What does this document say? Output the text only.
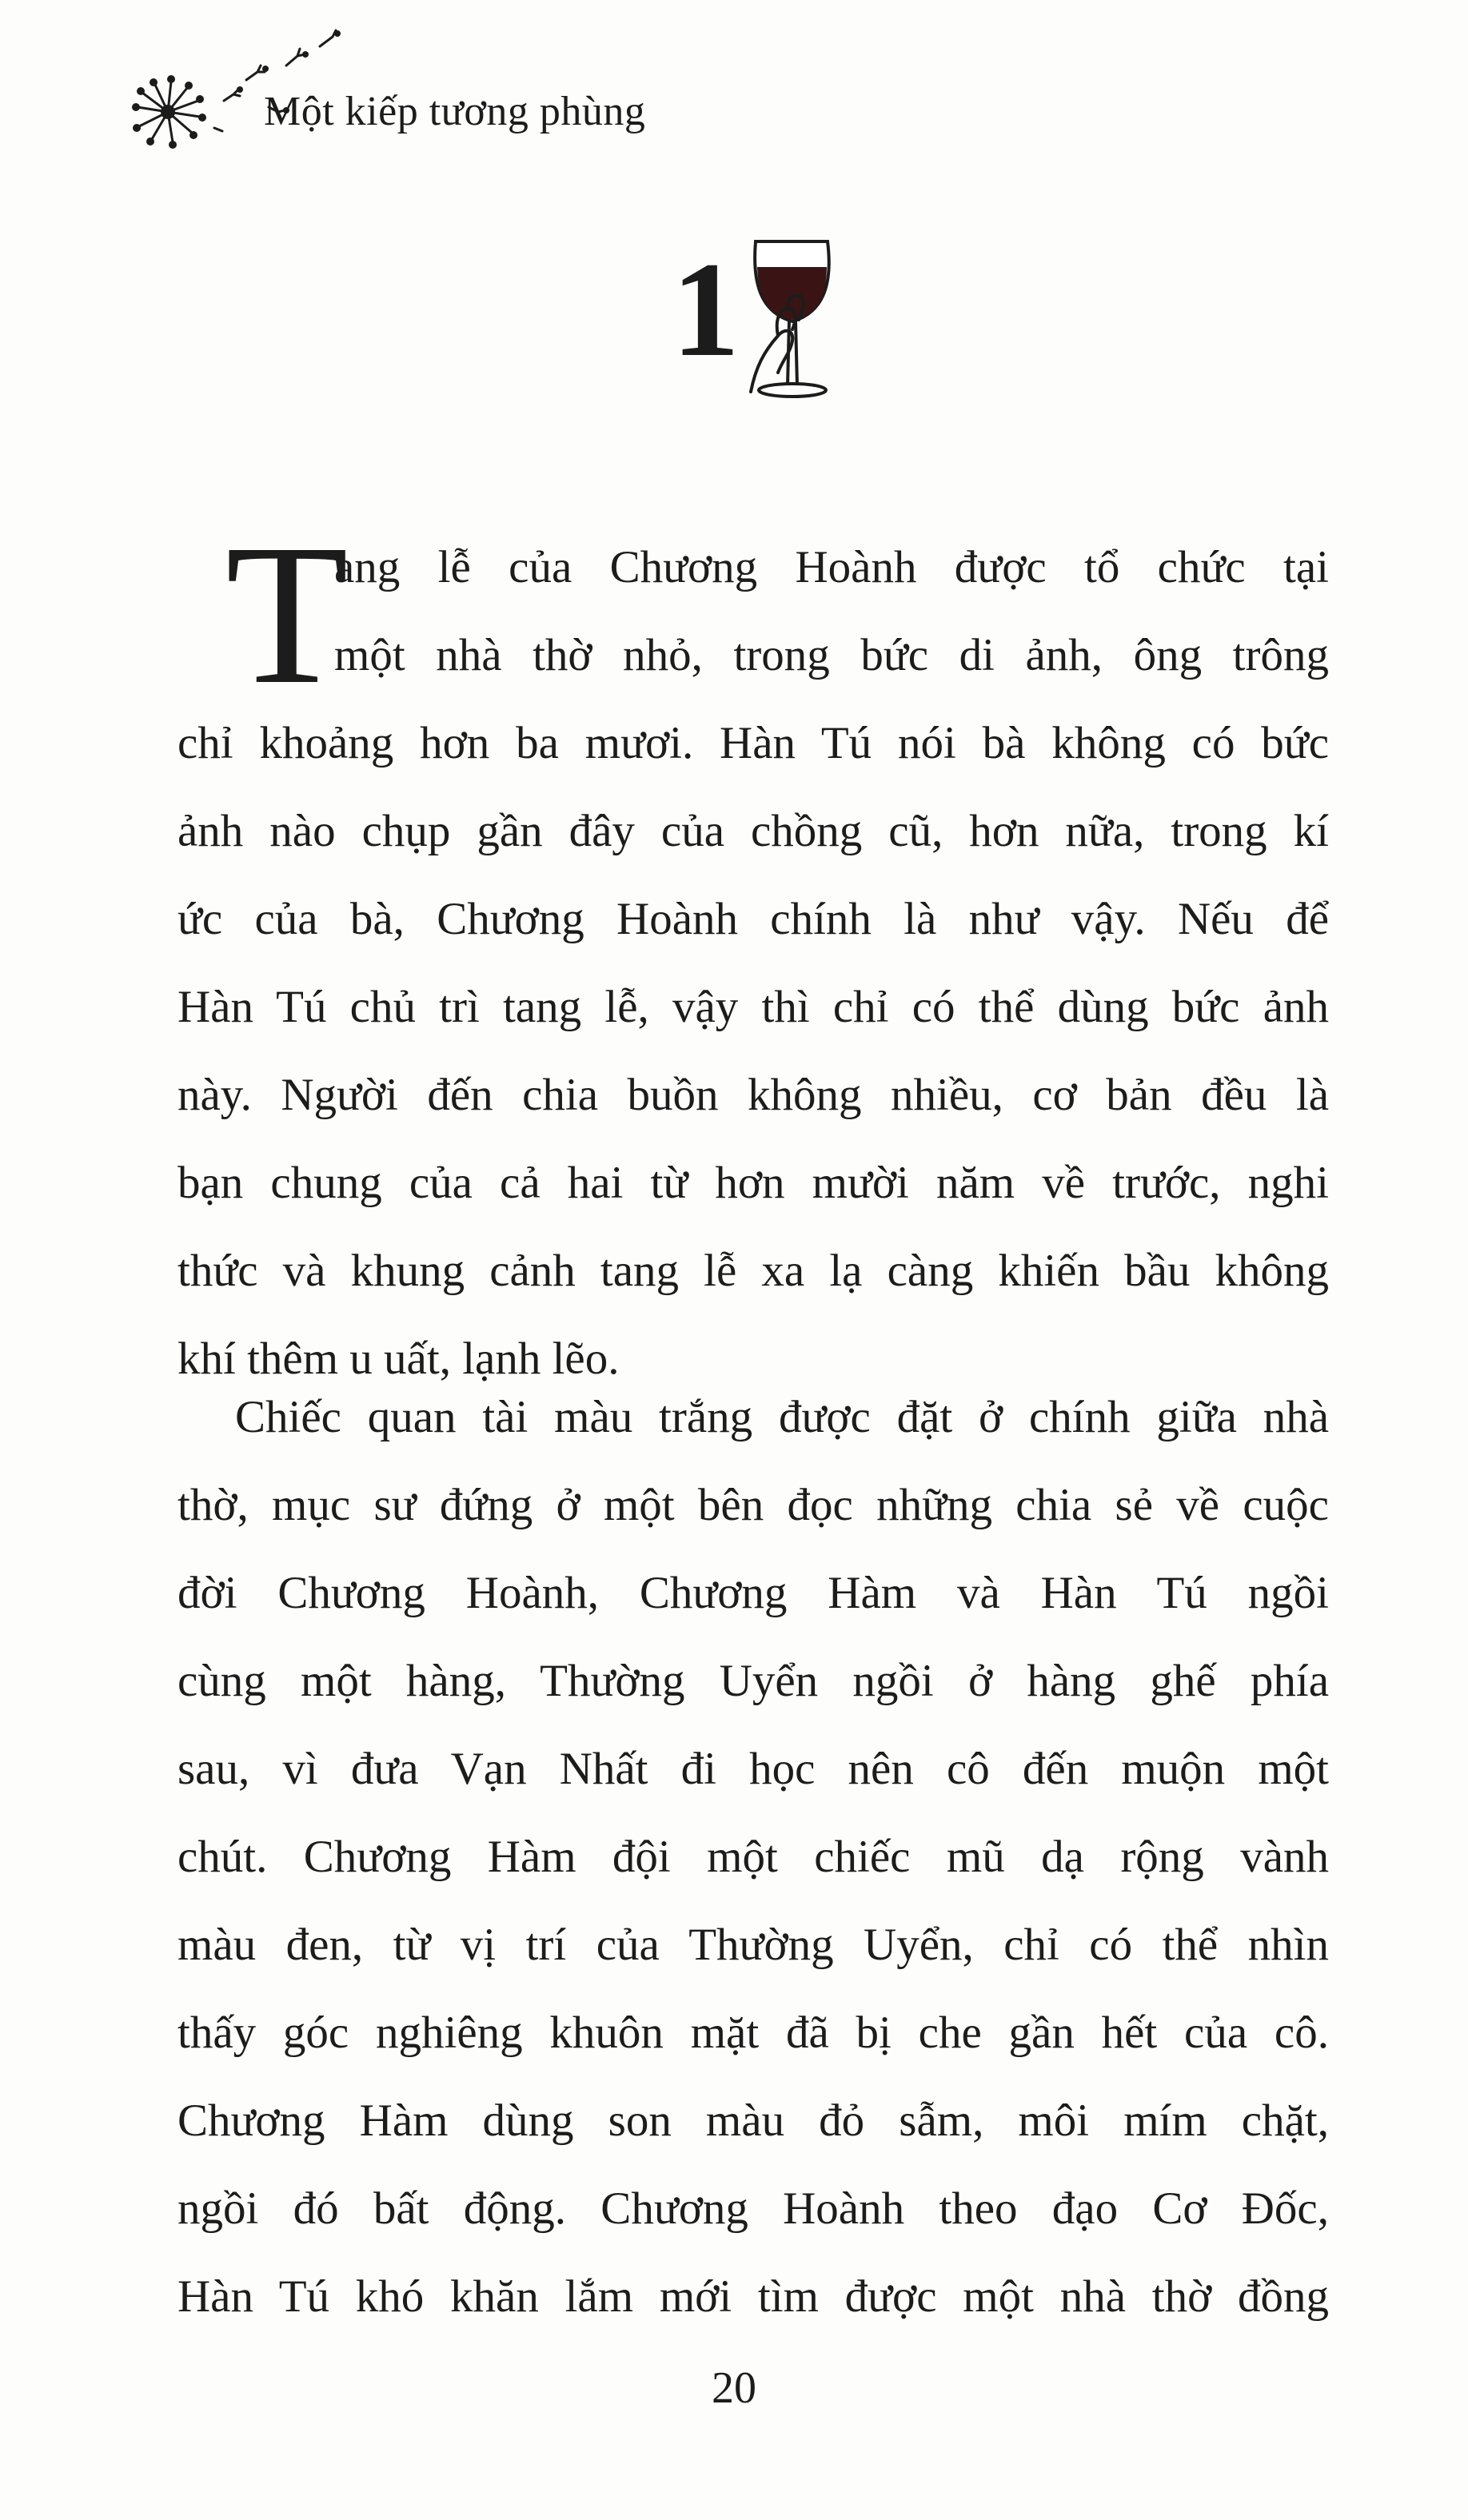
Một kiếp tương phùng
1
T
ang lễ của Chương Hoành được tổ chức tại
một nhà thờ nhỏ, trong bức di ảnh, ông trông
chỉ khoảng hơn ba mươi. Hàn Tú nói bà không có bức
ảnh nào chụp gần đây của chồng cũ, hơn nữa, trong kí
ức của bà, Chương Hoành chính là như vậy. Nếu để
Hàn Tú chủ trì tang lễ, vậy thì chỉ có thể dùng bức ảnh
này. Người đến chia buồn không nhiều, cơ bản đều là
bạn chung của cả hai từ hơn mười năm về trước, nghi
thức và khung cảnh tang lễ xa lạ càng khiến bầu không
khí thêm u uất, lạnh lẽo.
Chiếc quan tài màu trắng được đặt ở chính giữa nhà
thờ, mục sư đứng ở một bên đọc những chia sẻ về cuộc
đời Chương Hoành, Chương Hàm và Hàn Tú ngồi
cùng một hàng, Thường Uyển ngồi ở hàng ghế phía
sau, vì đưa Vạn Nhất đi học nên cô đến muộn một
chút. Chương Hàm đội một chiếc mũ dạ rộng vành
màu đen, từ vị trí của Thường Uyển, chỉ có thể nhìn
thấy góc nghiêng khuôn mặt đã bị che gần hết của cô.
Chương Hàm dùng son màu đỏ sẫm, môi mím chặt,
ngồi đó bất động. Chương Hoành theo đạo Cơ Đốc,
Hàn Tú khó khăn lắm mới tìm được một nhà thờ đồng
20
